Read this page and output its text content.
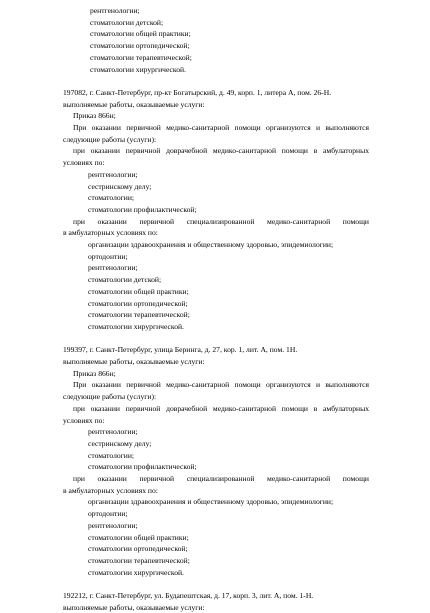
рентгенологии;
стоматологии детской;
стоматологии общей практики;
стоматологии ортопедической;
стоматологии терапевтической;
стоматологии хирургической.
197082, г. Санкт-Петербург, пр-кт Богатырский, д. 49, корп. 1, литера А, пом. 26-Н.
выполняемые работы, оказываемые услуги:
Приказ 866н;
При оказании первичной медико-санитарной помощи организуются и выполняются
следующие работы (услуги):
при оказании первичной доврачебной медико-санитарной помощи в амбулаторных
условиях по:
рентгенологии;
сестринскому делу;
стоматологии;
стоматологии профилактической;
при оказании первичной специализированной медико-санитарной помощи
в амбулаторных условиях по:
организации здравоохранения и общественному здоровью, эпидемиологии;
ортодонтии;
рентгенологии;
стоматологии детской;
стоматологии общей практики;
стоматологии ортопедической;
стоматологии терапевтической;
стоматологии хирургической.
199397, г. Санкт-Петербург, улица Беринга, д. 27, кор. 1, лит. А, пом. 1Н.
выполняемые работы, оказываемые услуги:
Приказ 866н;
При оказании первичной медико-санитарной помощи организуются и выполняются
следующие работы (услуги):
при оказании первичной доврачебной медико-санитарной помощи в амбулаторных
условиях по:
рентгенологии;
сестринскому делу;
стоматологии;
стоматологии профилактической;
при оказании первичной специализированной медико-санитарной помощи
в амбулаторных условиях по:
организации здравоохранения и общественному здоровью, эпидемиологии;
ортодонтии;
рентгенологии;
стоматологии общей практики;
стоматологии ортопедической;
стоматологии терапевтической;
стоматологии хирургической.
192212, г. Санкт-Петербург, ул. Будапештская, д. 17, корп. 3, лит. А, пом. 1-Н.
выполняемые работы, оказываемые услуги:
